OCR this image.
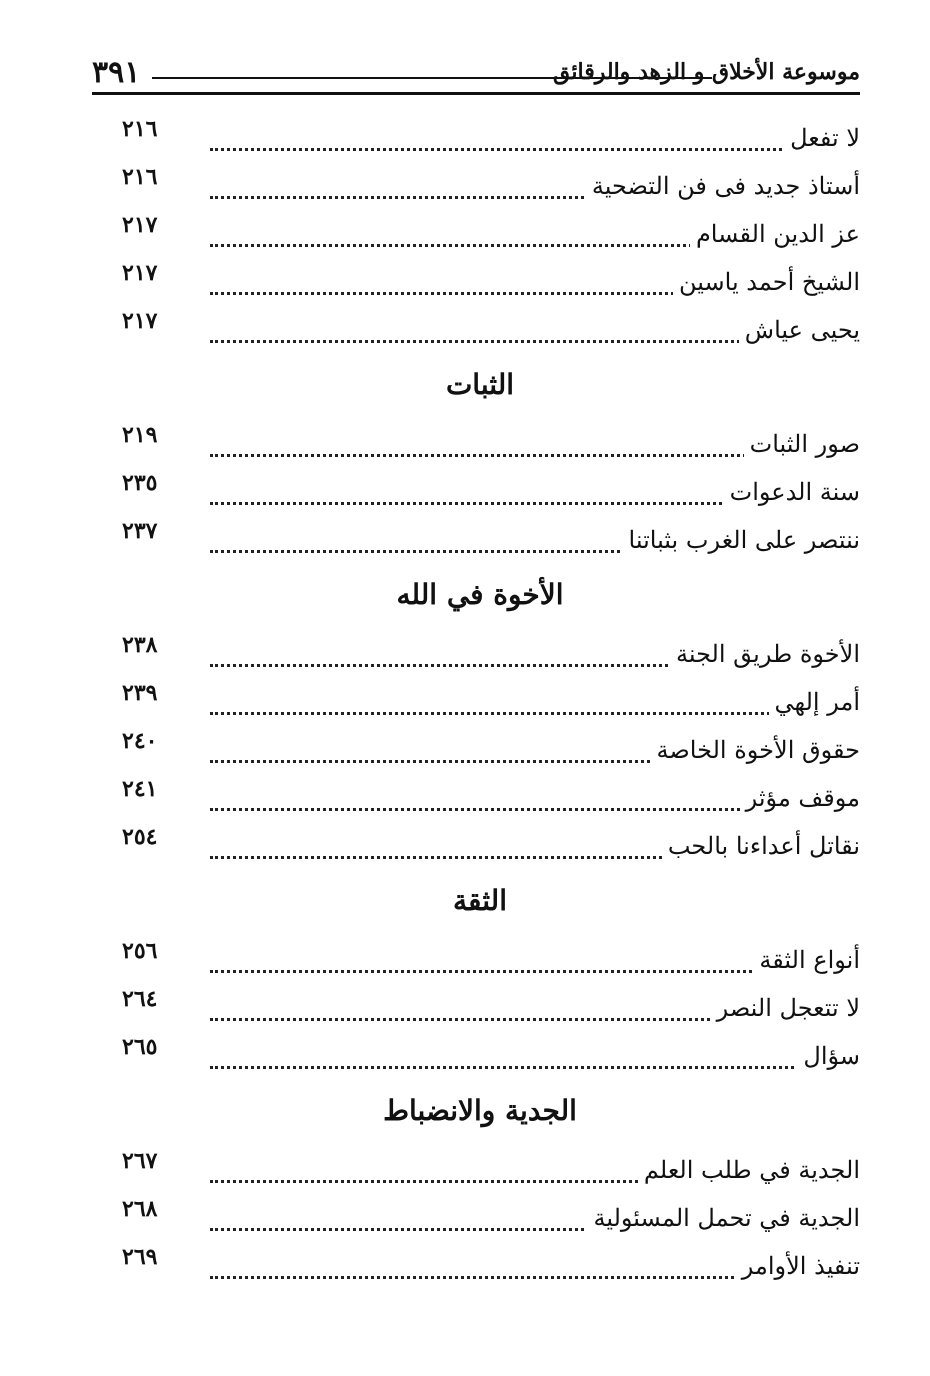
٣٩١	موسوعة الأخلاق و الزهد والرقائق
لا تفعل
٢١٦
أستاذ جديد فى فن التضحية
٢١٦
عز الدين القسام
٢١٧
الشيخ أحمد ياسين
٢١٧
يحيى عياش
٢١٧
الثبات
صور الثبات
٢١٩
سنة الدعوات
٢٣٥
ننتصر على الغرب بثباتنا
٢٣٧
الأخوة في الله
الأخوة طريق الجنة
٢٣٨
أمر إلهي
٢٣٩
حقوق الأخوة الخاصة
٢٤٠
موقف مؤثر
٢٤١
نقاتل أعداءنا بالحب
٢٥٤
الثقة
أنواع الثقة
٢٥٦
لا تتعجل النصر
٢٦٤
سؤال
٢٦٥
الجدية والانضباط
الجدية في طلب العلم
٢٦٧
الجدية في تحمل المسئولية
٢٦٨
تنفيذ الأوامر
٢٦٩
